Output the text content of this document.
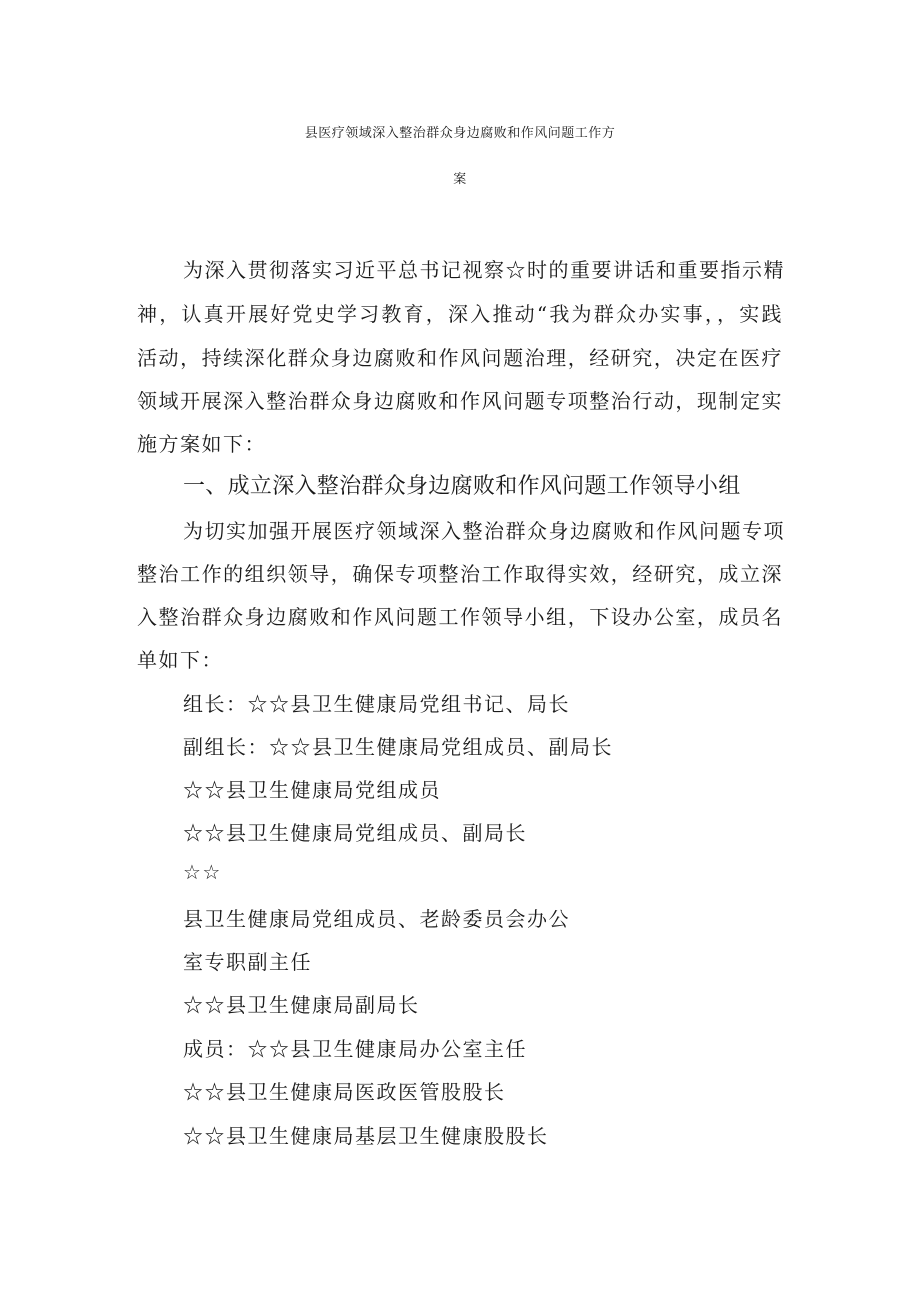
县医疗领域深入整治群众身边腐败和作风问题工作方
案
为深入贯彻落实习近平总书记视察☆时的重要讲话和重要指示精
神，认真开展好党史学习教育，深入推动“我为群众办实事，，实践
活动，持续深化群众身边腐败和作风问题治理，经研究，决定在医疗
领域开展深入整治群众身边腐败和作风问题专项整治行动，现制定实
施方案如下：
一、成立深入整治群众身边腐败和作风问题工作领导小组
为切实加强开展医疗领域深入整治群众身边腐败和作风问题专项
整治工作的组织领导，确保专项整治工作取得实效，经研究，成立深
入整治群众身边腐败和作风问题工作领导小组，下设办公室，成员名
单如下：
组长：☆☆县卫生健康局党组书记、局长
副组长：☆☆县卫生健康局党组成员、副局长
☆☆县卫生健康局党组成员
☆☆县卫生健康局党组成员、副局长
☆☆
县卫生健康局党组成员、老龄委员会办公
室专职副主任
☆☆县卫生健康局副局长
成员：☆☆县卫生健康局办公室主任
☆☆县卫生健康局医政医管股股长
☆☆县卫生健康局基层卫生健康股股长
